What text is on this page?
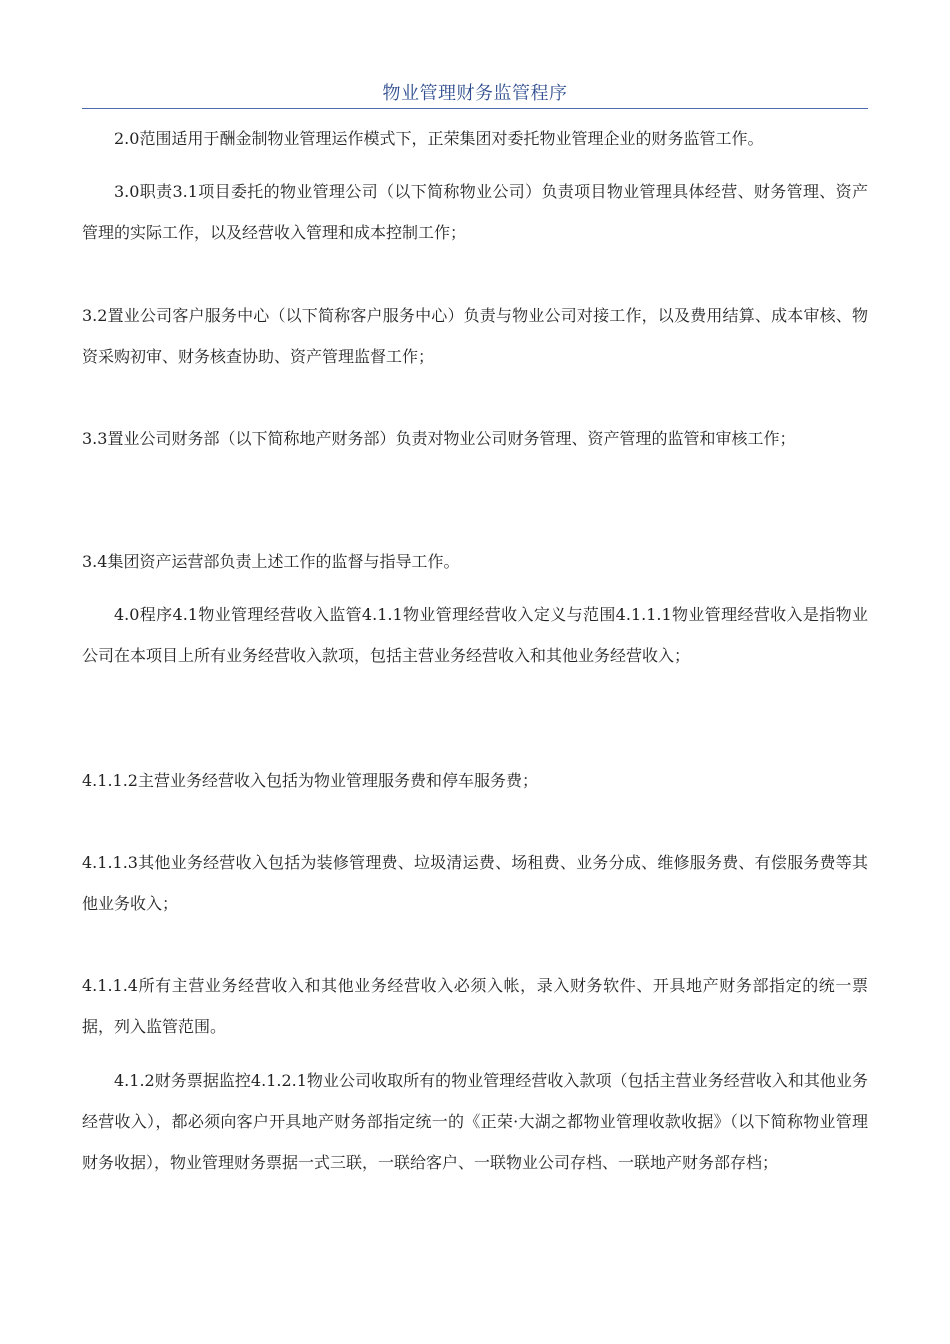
物业管理财务监管程序

2.0范围适用于酬金制物业管理运作模式下，正荣集团对委托物业管理企业的财务监管工作。

3.0职责3.1项目委托的物业管理公司（以下简称物业公司）负责项目物业管理具体经营、财务管理、资产管理的实际工作，以及经营收入管理和成本控制工作；

3.2置业公司客户服务中心（以下简称客户服务中心）负责与物业公司对接工作，以及费用结算、成本审核、物资采购初审、财务核查协助、资产管理监督工作；

3.3置业公司财务部（以下简称地产财务部）负责对物业公司财务管理、资产管理的监管和审核工作；

3.4集团资产运营部负责上述工作的监督与指导工作。

4.0程序4.1物业管理经营收入监管4.1.1物业管理经营收入定义与范围4.1.1.1物业管理经营收入是指物业公司在本项目上所有业务经营收入款项，包括主营业务经营收入和其他业务经营收入；

4.1.1.2主营业务经营收入包括为物业管理服务费和停车服务费；

4.1.1.3其他业务经营收入包括为装修管理费、垃圾清运费、场租费、业务分成、维修服务费、有偿服务费等其他业务收入；

4.1.1.4所有主营业务经营收入和其他业务经营收入必须入帐，录入财务软件、开具地产财务部指定的统一票据，列入监管范围。

4.1.2财务票据监控4.1.2.1物业公司收取所有的物业管理经营收入款项（包括主营业务经营收入和其他业务经营收入），都必须向客户开具地产财务部指定统一的《正荣·大湖之都物业管理收款收据》（以下简称物业管理财务收据），物业管理财务票据一式三联，一联给客户、一联物业公司存档、一联地产财务部存档；
